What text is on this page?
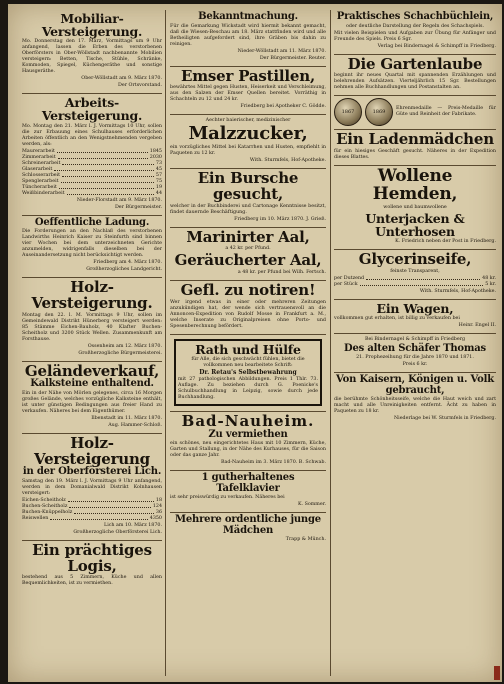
Mobiliar-Versteigerung.

Mo. Donnerstag den 17. März, Vormittags um 9 Uhr anfangend, lassen die Erben des verstorbenen Oberförsters in Ober-Wöllstadt nachbenannte Mobilien versteigern: Betten, Tische, Stühle, Schränke, Kommoden, Spiegel, Küchengeräthe und sonstige Hausgeräthe.

Ober-Wöllstadt am 9. März 1870.

Der Ortsvorstand.

Arbeits-Versteigerung.

Mo. Montag den 21. März l. J. Vormittags 10 Uhr, sollen die zur Erbauung eines Schulhauses erforderlichen Arbeiten öffentlich an den Wenigstnehmenden vergeben werden, als:

Maurerarbeit	1845
Zimmerarbeit	2030
Schreinerarbeit	73
Glaserarbeit	45
Schlosserarbeit	57
Spenglerarbeit	75
Tüncherarbeit	19
Weißbinderarbeit	44

Nieder-Florstadt am 9. März 1870.

Der Bürgermeister.

Oeffentliche Ladung.

Die Forderungen an den Nachlaß des verstorbenen Landwirths Heinrich Kaiser zu Steinfurth sind binnen vier Wochen bei dem unterzeichneten Gerichte anzumelden, widrigenfalls dieselben bei der Auseinandersetzung nicht berücksichtigt werden.

Friedberg am 4. März 1870.

Großherzogliches Landgericht.

Holz-Versteigerung.

Montag den 22. l. M. Vormittags 9 Uhr, sollen im Gemeindewald Distrikt Hünerberg versteigert werden: 85 Stämme Eichen-Bauholz, 40 Klafter Buchen-Scheitholz und 3200 Stück Wellen. Zusammenkunft am Forsthause.

Ossenheim am 12. März 1870.

Großherzogliche Bürgermeisterei.

Geländeverkauf,
Kalksteine enthaltend.

Ein in der Nähe von Mörlen gelegenes, circa 16 Morgen großes Gelände, welches vorzügliche Kalksteine enthält, ist unter günstigen Bedingungen aus freier Hand zu verkaufen. Näheres bei dem Eigenthümer.

Ilbenstadt im 11. März 1870.

Aug. Hammer-Schloß.

Holz-Versteigerung
in der Oberförsterei Lich.

Samstag den 19. März l. J. Vormittags 9 Uhr anfangend, werden in dem Domanialwald Distrikt Kolnhausen versteigert:

Eichen-Scheitholz	18
Buchen-Scheitholz	124
Buchen-Knüppelholz	36
Reiswellen	4350

Lich am 10. März 1870.

Großherzogliche Oberförsterei Lich.

Ein prächtiges Logis,

bestehend aus 5 Zimmern, Küche und allen Bequemlichkeiten, ist zu vermiethen.

Bekanntmachung.

Für die Gemarkung Wickstadt wird hiermit bekannt gemacht, daß die Wiesen-Beschau am 18. März stattfinden wird und alle Betheiligten aufgefordert sind, ihre Gräben bis dahin zu reinigen.

Nieder-Wöllstadt am 11. März 1870.

Der Bürgermeister. Reuter.

Emser Pastillen,

bewährtes Mittel gegen Husten, Heiserkeit und Verschleimung, aus den Salzen der Emser Quellen bereitet. Vorräthig in Schachteln zu 12 und 24 kr.

Friedberg bei Apotheker C. Gödde.

Aechter baierischer, medizinischer

Malzzucker,

ein vorzügliches Mittel bei Katarrhen und Husten, empfiehlt in Paqueten zu 12 kr.

With. Sturmfels, Hof-Apotheke.

Ein Bursche gesucht,

welcher in der Buchbinderei und Cartonage Kenntnisse besitzt, findet dauernde Beschäftigung.

Friedberg im 10. März 1870. J. Grieß.

Marinirter Aal,

a 42 kr. per Pfund.

Geräucherter Aal,

a 48 kr. per Pfund bei Wilh. Fertsch.

Gefl. zu notiren!

Wer irgend etwas in einer oder mehreren Zeitungen anzukündigen hat, der wende sich vertrauensvoll an die Annoncen-Expedition von Rudolf Mosse in Frankfurt a. M., welche Inserate zu Originalpreisen ohne Porto- und Spesenberechnung befördert.

Rath und Hülfe

für Alle, die sich geschwächt fühlen, bietet die vollkommen neu bearbeitete Schrift:

Dr. Retau's Selbstbewahrung

mit 27 pathologischen Abbildungen. Preis 1 Thlr. 73. Auflage. Zu beziehen durch G. Poenicke's Schulbuchhandlung in Leipzig, sowie durch jede Buchhandlung.

Bad-Nauheim.
Zu vermiethen

ein schönes, neu eingerichtetes Haus mit 10 Zimmern, Küche, Garten und Stallung, in der Nähe des Kurhauses, für die Saison oder das ganze Jahr.

Bad-Nauheim im 3. März 1870. B. Schwab.

1 gutherhaltenes Tafelklavier

ist sehr preiswürdig zu verkaufen. Näheres bei

K. Sommer.

Mehrere ordentliche junge Mädchen

Trapp & Münch.

Praktisches Schachbüchlein,

oder deutliche Darstellung der Regeln des Schachspiels.

Mit vielen Beispielen und Aufgaben zur Übung für Anfänger und Freunde des Spiels. Preis 6 Sgr.

Verlag bei Bindernagel & Schimpff in Friedberg.

Die Gartenlaube

beginnt ihr neues Quartal mit spannenden Erzählungen und belehrenden Aufsätzen. Vierteljährlich 15 Sgr. Bestellungen nehmen alle Buchhandlungen und Postanstalten an.

1867	1869

Ehrenmedaille — Preis-Medaille für Güte und Reinheit der Fabrikate.

Ein Ladenmädchen

für ein hiesiges Geschäft gesucht. Näheres in der Expedition dieses Blattes.

Wollene Hemden,

wollene und baumwollene

Unterjacken & Unterhosen

K. Friedrich neben der Post in Friedberg.

Glycerinseife,

feinste Transparent,

per Dutzend	48 kr.
per Stück	5 kr.

With. Sturmfels, Hof-Apotheke.

Ein Wagen,

vollkommen gut erhalten, ist billig zu verkaufen bei

Heinr. Engel II.

Bei Bindernagel & Schimpff in Friedberg

Des alten Schäfer Thomas

21. Prophezeihung für die Jahre 1870 und 1871.

Preis 6 kr.

Von Kaisern, Königen u. Volk gebraucht,

die berühmte Schönheitsseife, welche die Haut weich und zart macht und alle Unreinigkeiten entfernt. Ächt zu haben in Paqueten zu 18 kr.

Niederlage bei W. Sturmfels in Friedberg.
